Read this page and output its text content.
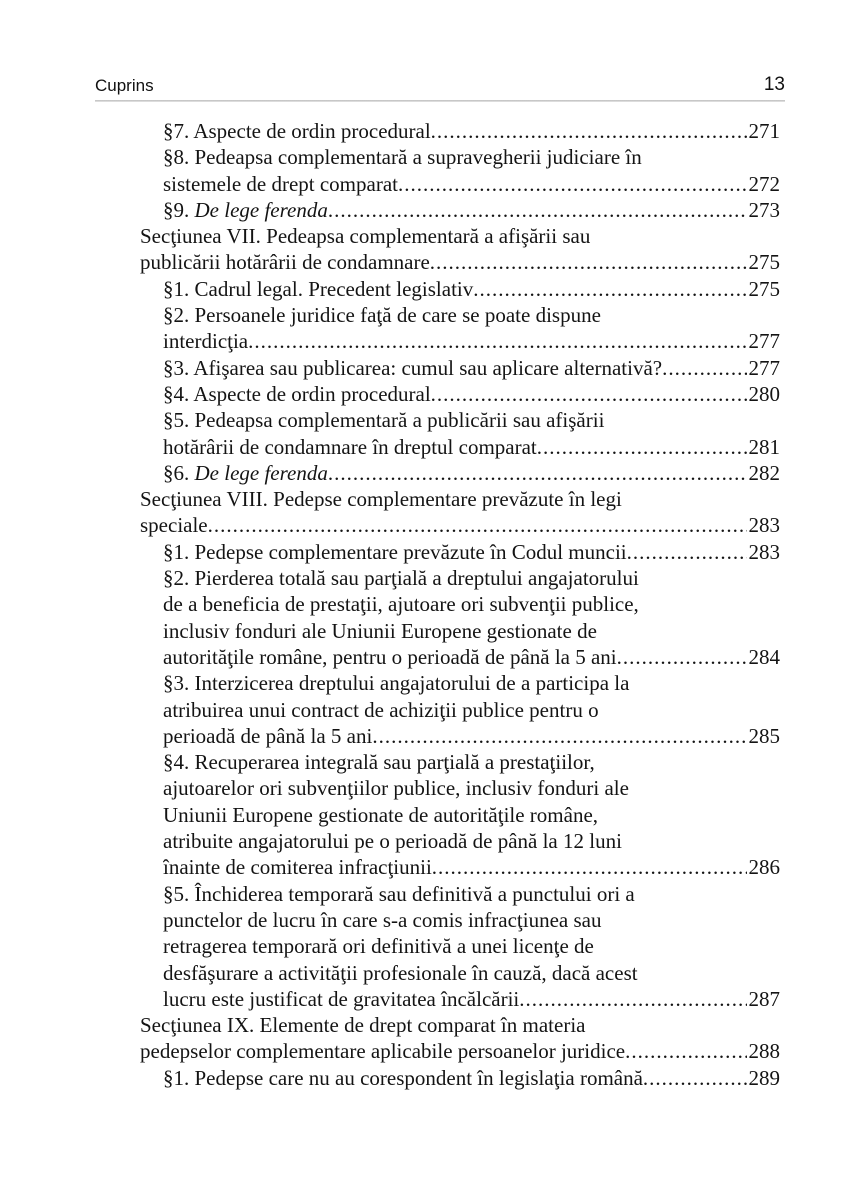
Cuprins	13
§7. Aspecte de ordin procedural .....	271
§8. Pedeapsa complementară a supravegherii judiciare în
sistemele de drept comparat .....	272
§9. De lege ferenda .....	273
Secţiunea VII. Pedeapsa complementară a afişării sau
publicării hotărârii de condamnare .....	275
§1. Cadrul legal. Precedent legislativ .....	275
§2. Persoanele juridice faţă de care se poate dispune
interdicţia .....	277
§3. Afişarea sau publicarea: cumul sau aplicare alternativă? .....	277
§4. Aspecte de ordin procedural .....	280
§5. Pedeapsa complementară a publicării sau afişării
hotărârii de condamnare în dreptul comparat .....	281
§6. De lege ferenda .....	282
Secţiunea VIII. Pedepse complementare prevăzute în legi
speciale .....	283
§1. Pedepse complementare prevăzute în Codul muncii .....	283
§2. Pierderea totală sau parţială a dreptului angajatorului
de a beneficia de prestaţii, ajutoare ori subvenţii publice,
inclusiv fonduri ale Uniunii Europene gestionate de
autorităţile române, pentru o perioadă de până la 5 ani .....	284
§3. Interzicerea dreptului angajatorului de a participa la
atribuirea unui contract de achiziţii publice pentru o
perioadă de până la 5 ani .....	285
§4. Recuperarea integrală sau parţială a prestaţiilor,
ajutoarelor ori subvenţiilor publice, inclusiv fonduri ale
Uniunii Europene gestionate de autorităţile române,
atribuite angajatorului pe o perioadă de până la 12 luni
înainte de comiterea infracţiunii .....	286
§5. Închiderea temporară sau definitivă a punctului ori a
punctelor de lucru în care s-a comis infracţiunea sau
retragerea temporară ori definitivă a unei licenţe de
desfăşurare a activităţii profesionale în cauză, dacă acest
lucru este justificat de gravitatea încălcării .....	287
Secţiunea IX. Elemente de drept comparat în materia
pedepselor complementare aplicabile persoanelor juridice .....	288
§1. Pedepse care nu au corespondent în legislaţia română .....	289
